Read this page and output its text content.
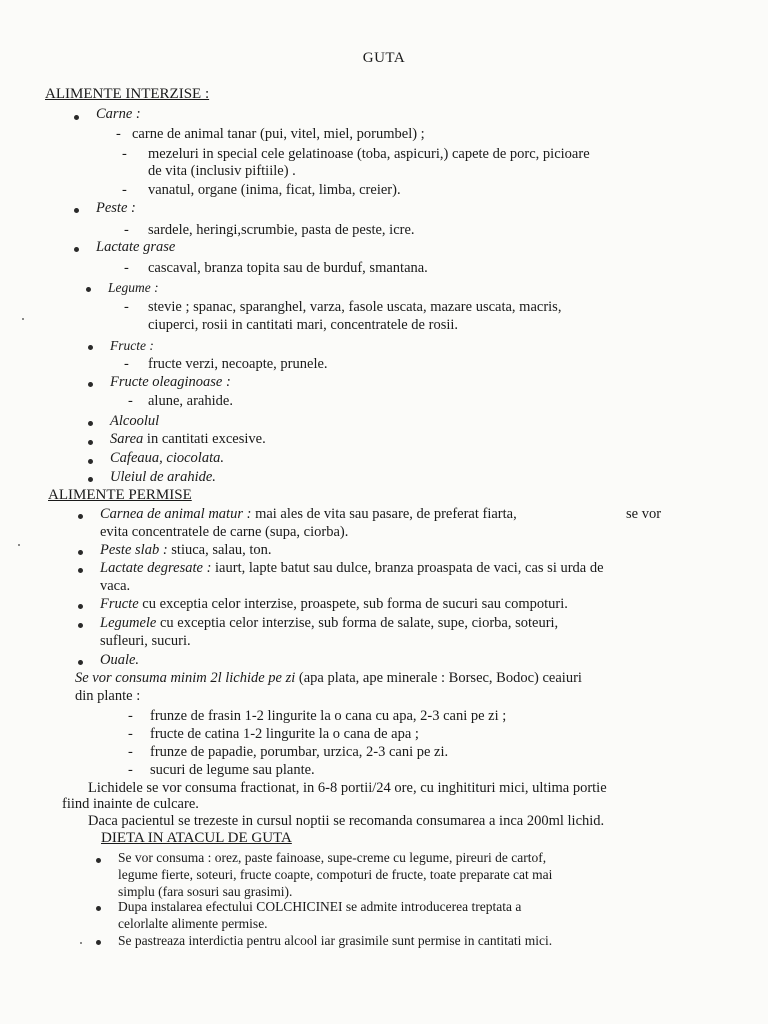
GUTA
ALIMENTE INTERZISE :
Carne :
- carne de animal tanar (pui, vitel, miel, porumbel) ;
- mezeluri in special cele gelatinoase (toba, aspicuri,) capete de porc, picioare
de vita (inclusiv piftiile) .
- vanatul, organe (inima, ficat, limba, creier).
Peste :
- sardele, heringi,scrumbie, pasta de peste, icre.
Lactate grase
- cascaval, branza topita sau de burduf, smantana.
Legume :
- stevie ; spanac, sparanghel, varza, fasole uscata, mazare uscata, macris,
ciuperci, rosii in cantitati mari, concentratele de rosii.
Fructe :
- fructe verzi, necoapte, prunele.
Fructe oleaginoase :
- alune, arahide.
Alcoolul
Sarea in cantitati excesive.
Cafeaua, ciocolata.
Uleiul de arahide.
ALIMENTE PERMISE
Carnea de animal matur : mai ales de vita sau pasare, de preferat fiarta,	se vor
evita concentratele de carne (supa, ciorba).
Peste slab : stiuca, salau, ton.
Lactate degresate : iaurt, lapte batut sau dulce, branza proaspata de vaci, cas si urda de
vaca.
Fructe cu exceptia celor interzise, proaspete, sub forma de sucuri sau compoturi.
Legumele cu exceptia celor interzise, sub forma de salate, supe, ciorba, soteuri,
sufleuri, sucuri.
Ouale.
Se vor consuma minim 2l lichide pe zi (apa plata, ape minerale : Borsec, Bodoc) ceaiuri
din plante :
- frunze de frasin 1-2 lingurite la o cana cu apa, 2-3 cani pe zi ;
- fructe de catina 1-2 lingurite la o cana de apa ;
- frunze de papadie, porumbar, urzica, 2-3 cani pe zi.
- sucuri de legume sau plante.
Lichidele se vor consuma fractionat, in 6-8 portii/24 ore, cu inghitituri mici, ultima portie
fiind inainte de culcare.
Daca pacientul se trezeste in cursul noptii se recomanda consumarea a inca 200ml lichid.
DIETA IN ATACUL DE GUTA
Se vor consuma : orez, paste fainoase, supe-creme cu legume, pireuri de cartof,
legume fierte, soteuri, fructe coapte, compoturi de fructe, toate preparate cat mai
simplu (fara sosuri sau grasimi).
Dupa instalarea efectului COLCHICINEI se admite introducerea treptata a
celorlalte alimente permise.
Se pastreaza interdictia pentru alcool iar grasimile sunt permise in cantitati mici.
